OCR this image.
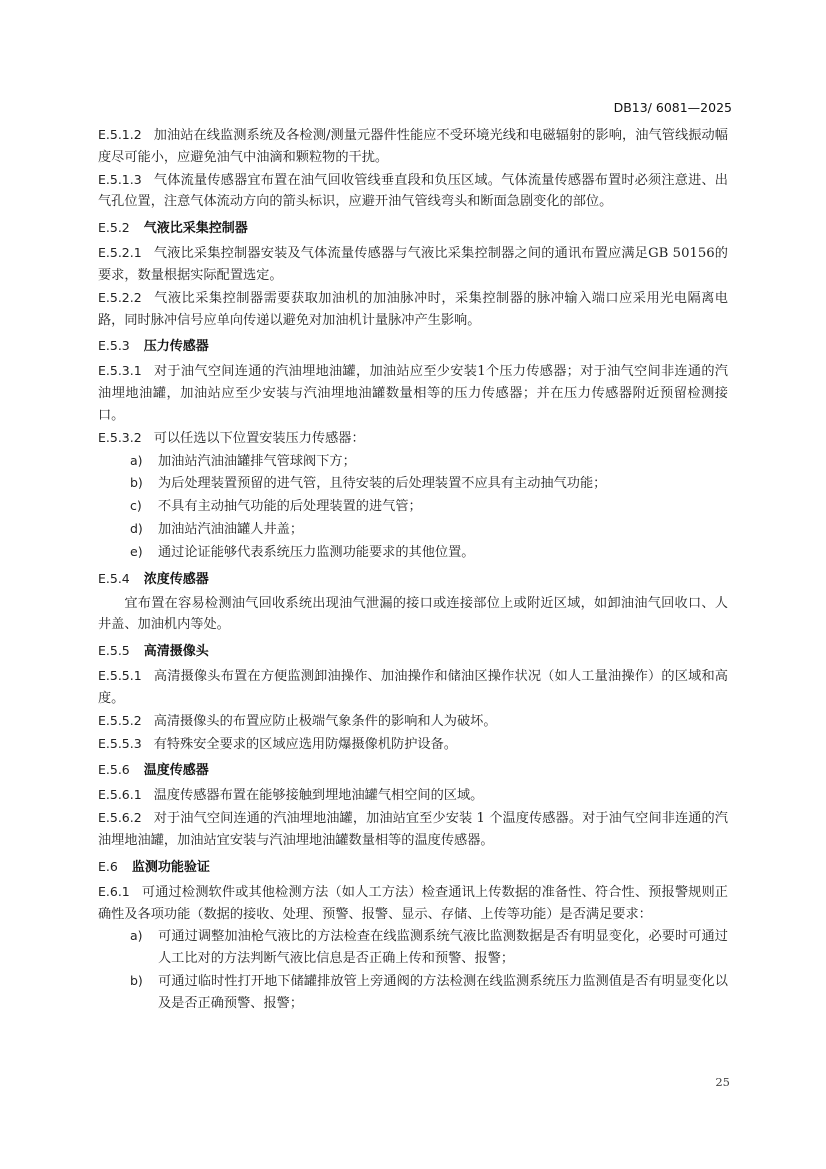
DB13/ 6081—2025

E.5.1.2 加油站在线监测系统及各检测/测量元器件性能应不受环境光线和电磁辐射的影响，油气管线振动幅度尽可能小，应避免油气中油滴和颗粒物的干扰。

E.5.1.3 气体流量传感器宜布置在油气回收管线垂直段和负压区域。气体流量传感器布置时必须注意进、出气孔位置，注意气体流动方向的箭头标识，应避开油气管线弯头和断面急剧变化的部位。

E.5.2 气液比采集控制器

E.5.2.1 气液比采集控制器安装及气体流量传感器与气液比采集控制器之间的通讯布置应满足GB 50156的要求，数量根据实际配置选定。

E.5.2.2 气液比采集控制器需要获取加油机的加油脉冲时，采集控制器的脉冲输入端口应采用光电隔离电路，同时脉冲信号应单向传递以避免对加油机计量脉冲产生影响。

E.5.3 压力传感器

E.5.3.1 对于油气空间连通的汽油埋地油罐，加油站应至少安装1个压力传感器；对于油气空间非连通的汽油埋地油罐，加油站应至少安装与汽油埋地油罐数量相等的压力传感器；并在压力传感器附近预留检测接口。

E.5.3.2 可以任选以下位置安装压力传感器：

a) 加油站汽油油罐排气管球阀下方；

b) 为后处理装置预留的进气管，且待安装的后处理装置不应具有主动抽气功能；

c) 不具有主动抽气功能的后处理装置的进气管；

d) 加油站汽油油罐人井盖；

e) 通过论证能够代表系统压力监测功能要求的其他位置。

E.5.4 浓度传感器

宜布置在容易检测油气回收系统出现油气泄漏的接口或连接部位上或附近区域，如卸油油气回收口、人井盖、加油机内等处。

E.5.5 高清摄像头

E.5.5.1 高清摄像头布置在方便监测卸油操作、加油操作和储油区操作状况（如人工量油操作）的区域和高度。

E.5.5.2 高清摄像头的布置应防止极端气象条件的影响和人为破坏。

E.5.5.3 有特殊安全要求的区域应选用防爆摄像机防护设备。

E.5.6 温度传感器

E.5.6.1 温度传感器布置在能够接触到埋地油罐气相空间的区域。

E.5.6.2 对于油气空间连通的汽油埋地油罐，加油站宜至少安装 1 个温度传感器。对于油气空间非连通的汽油埋地油罐，加油站宜安装与汽油埋地油罐数量相等的温度传感器。

E.6 监测功能验证

E.6.1 可通过检测软件或其他检测方法（如人工方法）检查通讯上传数据的准备性、符合性、预报警规则正确性及各项功能（数据的接收、处理、预警、报警、显示、存储、上传等功能）是否满足要求：

a) 可通过调整加油枪气液比的方法检查在线监测系统气液比监测数据是否有明显变化，必要时可通过人工比对的方法判断气液比信息是否正确上传和预警、报警；

b) 可通过临时性打开地下储罐排放管上旁通阀的方法检测在线监测系统压力监测值是否有明显变化以及是否正确预警、报警；

25
